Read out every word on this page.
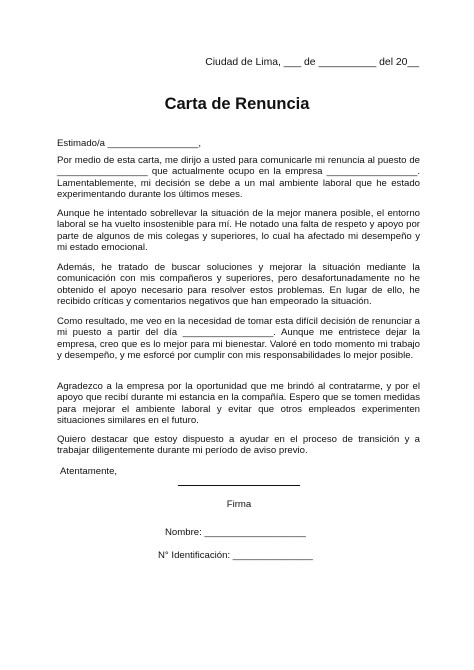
Ciudad de Lima, ___ de __________ del 20__
Carta de Renuncia
Estimado/a _________________,
Por medio de esta carta, me dirijo a usted para comunicarle mi renuncia al puesto de _________________ que actualmente ocupo en la empresa _________________. Lamentablemente, mi decisión se debe a un mal ambiente laboral que he estado experimentando durante los últimos meses.
Aunque he intentado sobrellevar la situación de la mejor manera posible, el entorno laboral se ha vuelto insostenible para mí. He notado una falta de respeto y apoyo por parte de algunos de mis colegas y superiores, lo cual ha afectado mi desempeño y mi estado emocional.
Además, he tratado de buscar soluciones y mejorar la situación mediante la comunicación con mis compañeros y superiores, pero desafortunadamente no he obtenido el apoyo necesario para resolver estos problemas. En lugar de ello, he recibido críticas y comentarios negativos que han empeorado la situación.
Como resultado, me veo en la necesidad de tomar esta difícil decisión de renunciar a mi puesto a partir del día _________________. Aunque me entristece dejar la empresa, creo que es lo mejor para mi bienestar. Valoré en todo momento mi trabajo y desempeño, y me esforcé por cumplir con mis responsabilidades lo mejor posible.
Agradezco a la empresa por la oportunidad que me brindó al contratarme, y por el apoyo que recibí durante mi estancia en la compañía. Espero que se tomen medidas para mejorar el ambiente laboral y evitar que otros empleados experimenten situaciones similares en el futuro.
Quiero destacar que estoy dispuesto a ayudar en el proceso de transición y a trabajar diligentemente durante mi período de aviso previo.
Atentamente,
Firma
Nombre: ___________________
N° Identificación: _______________
